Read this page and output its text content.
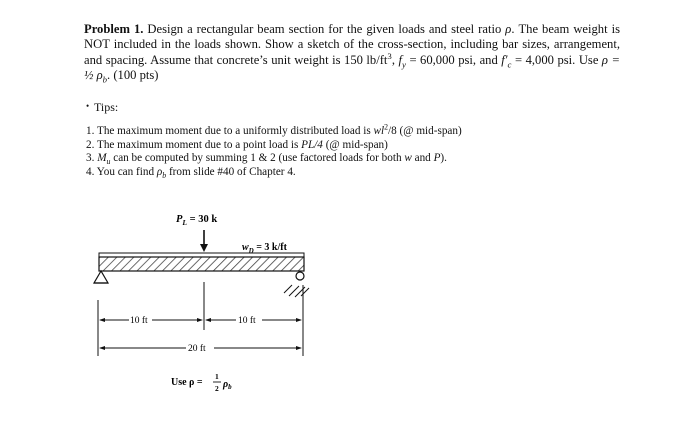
Problem 1. Design a rectangular beam section for the given loads and steel ratio ρ. The beam weight is NOT included in the loads shown. Show a sketch of the cross-section, including bar sizes, arrangement, and spacing. Assume that concrete’s unit weight is 150 $lb/ft^3$, $f_y = 60,000$ psi, and $f'_c = 4,000$ psi. Use ρ = ½ $\rho_b$. (100 pts)
• Tips:
1. The maximum moment due to a uniformly distributed load is $wl^2/8$ (@ mid-span)
2. The maximum moment due to a point load is PL/4 (@ mid-span)
3. $M_u$ can be computed by summing 1 & 2 (use factored loads for both w and P).
4. You can find $\rho_b$ from slide #40 of Chapter 4.
$P_L = 30$ k
$w_D = 3$ k/ft
10 ft	10 ft
20 ft
Use ρ =
1
2 $\rho_b$
